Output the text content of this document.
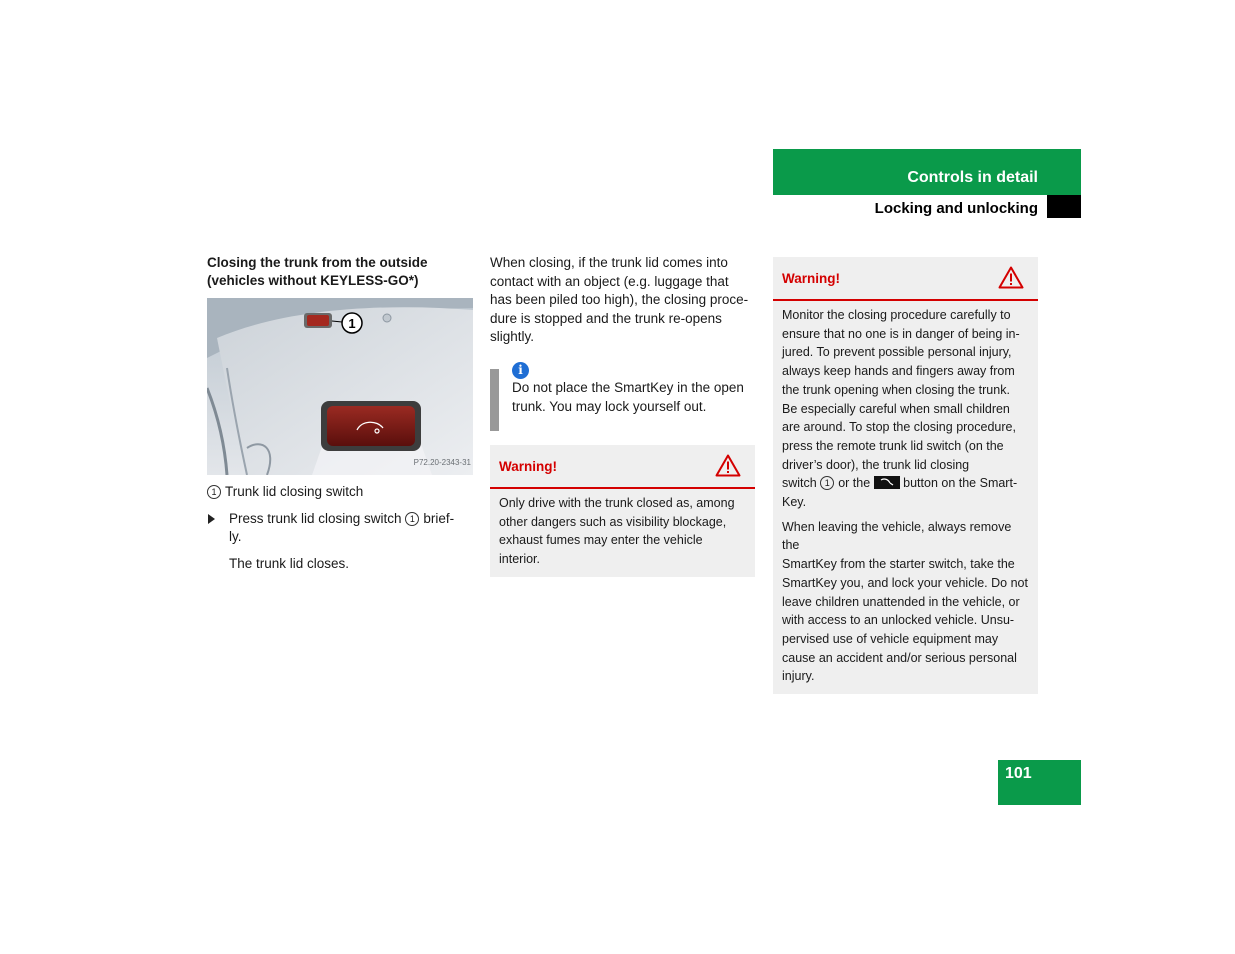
Controls in detail
Locking and unlocking
Closing the trunk from the outside
(vehicles without KEYLESS-GO*)
1
P72.20-2343-31
1 Trunk lid closing switch
Press trunk lid closing switch 1 brief-
ly.
The trunk lid closes.
When closing, if the trunk lid comes into
contact with an object (e.g. luggage that
has been piled too high), the closing proce-
dure is stopped and the trunk re-opens
slightly.
i
Do not place the SmartKey in the open
trunk. You may lock yourself out.
Warning!
Only drive with the trunk closed as, among
other dangers such as visibility blockage,
exhaust fumes may enter the vehicle
interior.
Warning!

Monitor the closing procedure carefully to
ensure that no one is in danger of being in-
jured. To prevent possible personal injury,
always keep hands and fingers away from
the trunk opening when closing the trunk.
Be especially careful when small children
are around. To stop the closing procedure,
press the remote trunk lid switch (on the
driver’s door), the trunk lid closing
switch 1 or the	button on the Smart-
Key.

When leaving the vehicle, always remove the
SmartKey from the starter switch, take the
SmartKey you, and lock your vehicle. Do not
leave children unattended in the vehicle, or
with access to an unlocked vehicle. Unsu-
pervised use of vehicle equipment may
cause an accident and/or serious personal
injury.

101
